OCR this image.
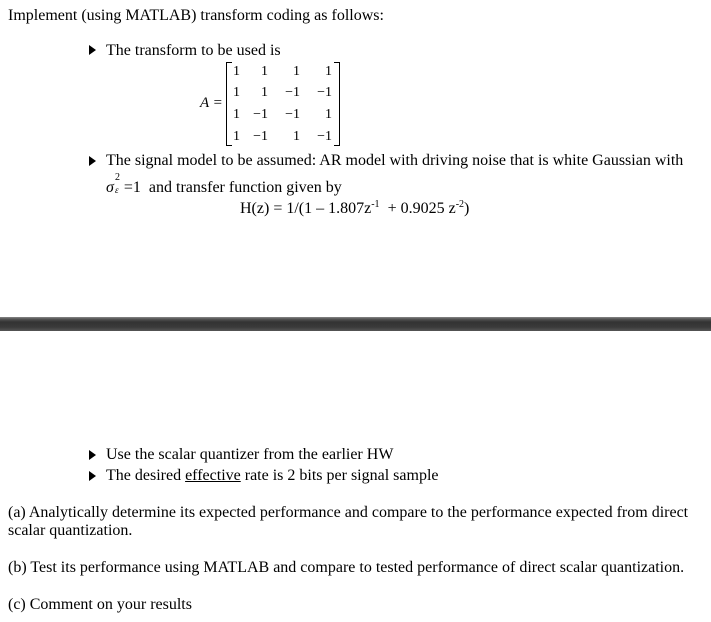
Implement (using MATLAB) transform coding as follows:
The transform to be used is
A =
1	1	1	1
1	1	−1	−1
1 −1	−1	1
1 −1	1	−1
The signal model to be assumed: AR model with driving noise that is white Gaussian with
σ
2
ε =1 and transfer function given by
$H(z) = 1/(1 - 1.807z^{-1} + 0.9025$ $z^{-2}$)
Use the scalar quantizer from the earlier HW
The desired effective rate is 2 bits per signal sample
(a) Analytically determine its expected performance and compare to the performance expected from direct
scalar quantization.
(b) Test its performance using MATLAB and compare to tested performance of direct scalar quantization.
(c) Comment on your results
